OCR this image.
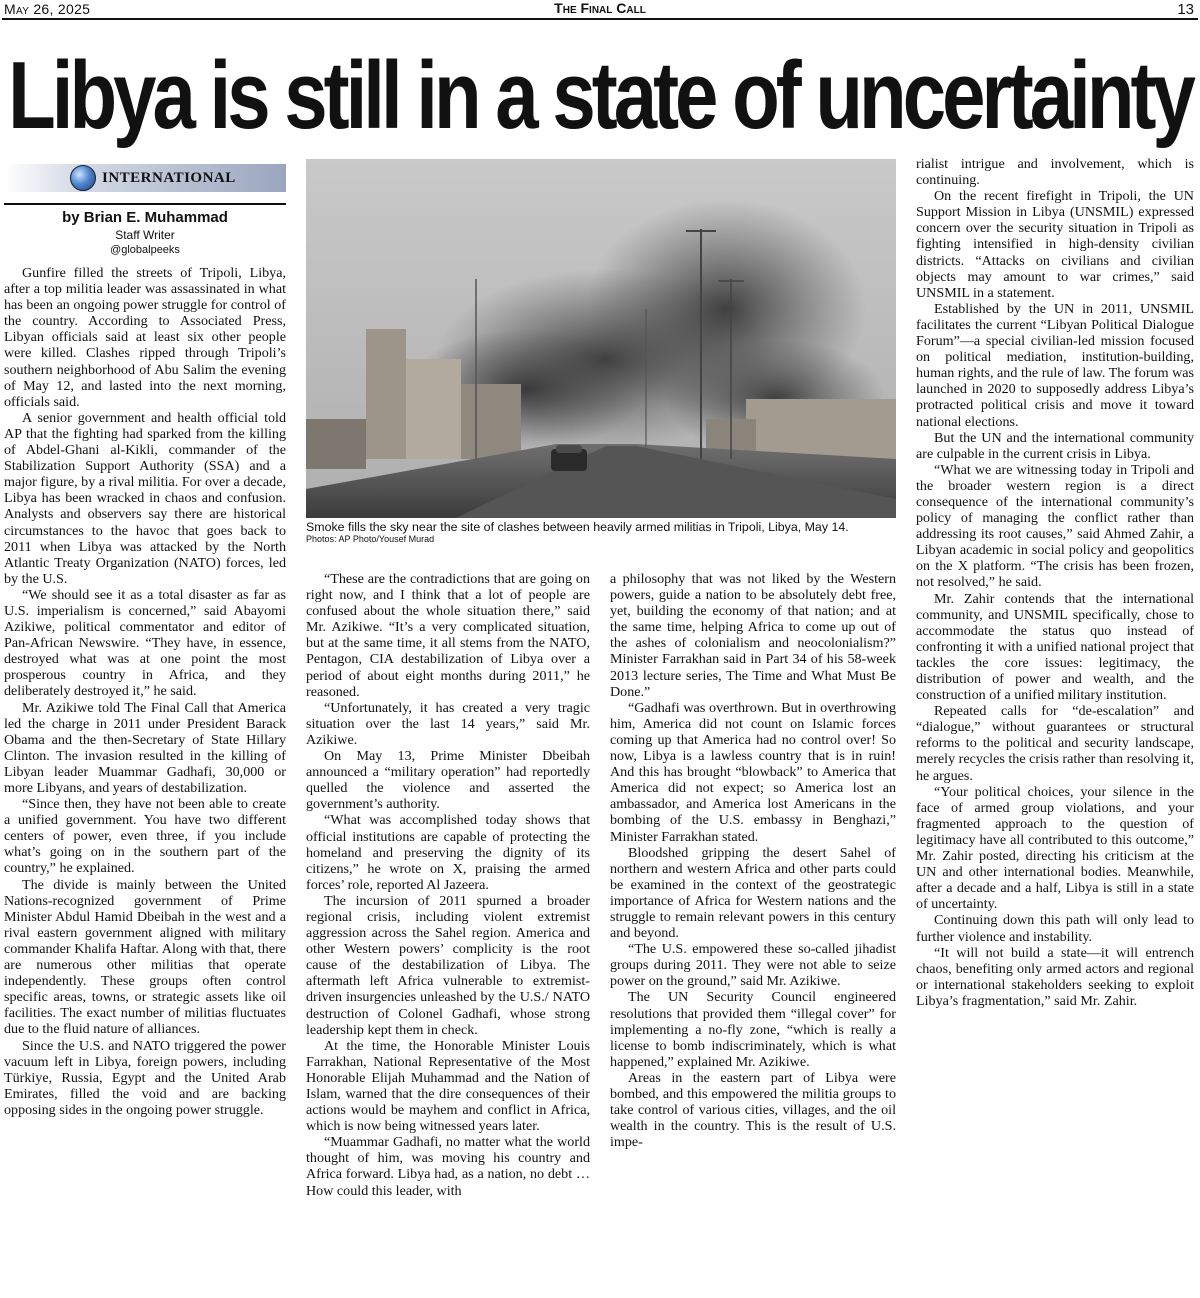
May 26, 2025	The Final Call	13
Libya is still in a state of uncertainty
INTERNATIONAL
by Brian E. Muhammad
Staff Writer
@globalpeeks

Gunfire filled the streets of Tripoli, Libya, after a top militia leader was assassinated in what has been an ongoing power struggle for control of the country. According to Associated Press, Libyan officials said at least six other people were killed. Clashes ripped through Tripoli’s southern neighborhood of Abu Salim the evening of May 12, and lasted into the next morning, officials said.

A senior government and health official told AP that the fighting had sparked from the killing of Abdel-Ghani al-Kikli, commander of the Stabilization Support Authority (SSA) and a major figure, by a rival militia. For over a decade, Libya has been wracked in chaos and confusion. Analysts and observers say there are historical circumstances to the havoc that goes back to 2011 when Libya was attacked by the North Atlantic Treaty Organization (NATO) forces, led by the U.S.

“We should see it as a total disaster as far as U.S. imperialism is concerned,” said Abayomi Azikiwe, political commentator and editor of Pan-African Newswire. “They have, in essence, destroyed what was at one point the most prosperous country in Africa, and they deliberately destroyed it,” he said.

Mr. Azikiwe told The Final Call that America led the charge in 2011 under President Barack Obama and the then-Secretary of State Hillary Clinton. The invasion resulted in the killing of Libyan leader Muammar Gadhafi, 30,000 or more Libyans, and years of destabilization.

“Since then, they have not been able to create a unified government. You have two different centers of power, even three, if you include what’s going on in the southern part of the country,” he explained.

The divide is mainly between the United Nations-recognized government of Prime Minister Abdul Hamid Dbeibah in the west and a rival eastern government aligned with military commander Khalifa Haftar. Along with that, there are numerous other militias that operate independently. These groups often control specific areas, towns, or strategic assets like oil facilities. The exact number of militias fluctuates due to the fluid nature of alliances.

Since the U.S. and NATO triggered the power vacuum left in Libya, foreign powers, including Türkiye, Russia, Egypt and the United Arab Emirates, filled the void and are backing opposing sides in the ongoing power struggle.

Smoke fills the sky near the site of clashes between heavily armed militias in Tripoli, Libya, May 14.
Photos: AP Photo/Yousef Murad

“These are the contradictions that are going on right now, and I think that a lot of people are confused about the whole situation there,” said Mr. Azikiwe. “It’s a very complicated situation, but at the same time, it all stems from the NATO, Pentagon, CIA destabilization of Libya over a period of about eight months during 2011,” he reasoned.

“Unfortunately, it has created a very tragic situation over the last 14 years,” said Mr. Azikiwe.

On May 13, Prime Minister Dbeibah announced a “military operation” had reportedly quelled the violence and asserted the government’s authority.

“What was accomplished today shows that official institutions are capable of protecting the homeland and preserving the dignity of its citizens,” he wrote on X, praising the armed forces’ role, reported Al Jazeera.

The incursion of 2011 spurned a broader regional crisis, including violent extremist aggression across the Sahel region. America and other Western powers’ complicity is the root cause of the destabilization of Libya. The aftermath left Africa vulnerable to extremist-driven insurgencies unleashed by the U.S./ NATO destruction of Colonel Gadhafi, whose strong leadership kept them in check.

At the time, the Honorable Minister Louis Farrakhan, National Representative of the Most Honorable Elijah Muhammad and the Nation of Islam, warned that the dire consequences of their actions would be mayhem and conflict in Africa, which is now being witnessed years later.

“Muammar Gadhafi, no matter what the world thought of him, was moving his country and Africa forward. Libya had, as a nation, no debt … How could this leader, with

a philosophy that was not liked by the Western powers, guide a nation to be absolutely debt free, yet, building the economy of that nation; and at the same time, helping Africa to come up out of the ashes of colonialism and neocolonialism?” Minister Farrakhan said in Part 34 of his 58-week 2013 lecture series, The Time and What Must Be Done.”

“Gadhafi was overthrown. But in overthrowing him, America did not count on Islamic forces coming up that America had no control over! So now, Libya is a lawless country that is in ruin! And this has brought “blowback” to America that America did not expect; so America lost an ambassador, and America lost Americans in the bombing of the U.S. embassy in Benghazi,” Minister Farrakhan stated.

Bloodshed gripping the desert Sahel of northern and western Africa and other parts could be examined in the context of the geostrategic importance of Africa for Western nations and the struggle to remain relevant powers in this century and beyond.

“The U.S. empowered these so-called jihadist groups during 2011. They were not able to seize power on the ground,” said Mr. Azikiwe.

The UN Security Council engineered resolutions that provided them “illegal cover” for implementing a no-fly zone, “which is really a license to bomb indiscriminately, which is what happened,” explained Mr. Azikiwe.

Areas in the eastern part of Libya were bombed, and this empowered the militia groups to take control of various cities, villages, and the oil wealth in the country. This is the result of U.S. impe-

rialist intrigue and involvement, which is continuing.

On the recent firefight in Tripoli, the UN Support Mission in Libya (UNSMIL) expressed concern over the security situation in Tripoli as fighting intensified in high-density civilian districts. “Attacks on civilians and civilian objects may amount to war crimes,” said UNSMIL in a statement.

Established by the UN in 2011, UNSMIL facilitates the current “Libyan Political Dialogue Forum”—a special civilian-led mission focused on political mediation, institution-building, human rights, and the rule of law. The forum was launched in 2020 to supposedly address Libya’s protracted political crisis and move it toward national elections.

But the UN and the international community are culpable in the current crisis in Libya.

“What we are witnessing today in Tripoli and the broader western region is a direct consequence of the international community’s policy of managing the conflict rather than addressing its root causes,” said Ahmed Zahir, a Libyan academic in social policy and geopolitics on the X platform. “The crisis has been frozen, not resolved,” he said.

Mr. Zahir contends that the international community, and UNSMIL specifically, chose to accommodate the status quo instead of confronting it with a unified national project that tackles the core issues: legitimacy, the distribution of power and wealth, and the construction of a unified military institution.

Repeated calls for “de-escalation” and “dialogue,” without guarantees or structural reforms to the political and security landscape, merely recycles the crisis rather than resolving it, he argues.

“Your political choices, your silence in the face of armed group violations, and your fragmented approach to the question of legitimacy have all contributed to this outcome,” Mr. Zahir posted, directing his criticism at the UN and other international bodies. Meanwhile, after a decade and a half, Libya is still in a state of uncertainty.

Continuing down this path will only lead to further violence and instability.

“It will not build a state—it will entrench chaos, benefiting only armed actors and regional or international stakeholders seeking to exploit Libya’s fragmentation,” said Mr. Zahir.
